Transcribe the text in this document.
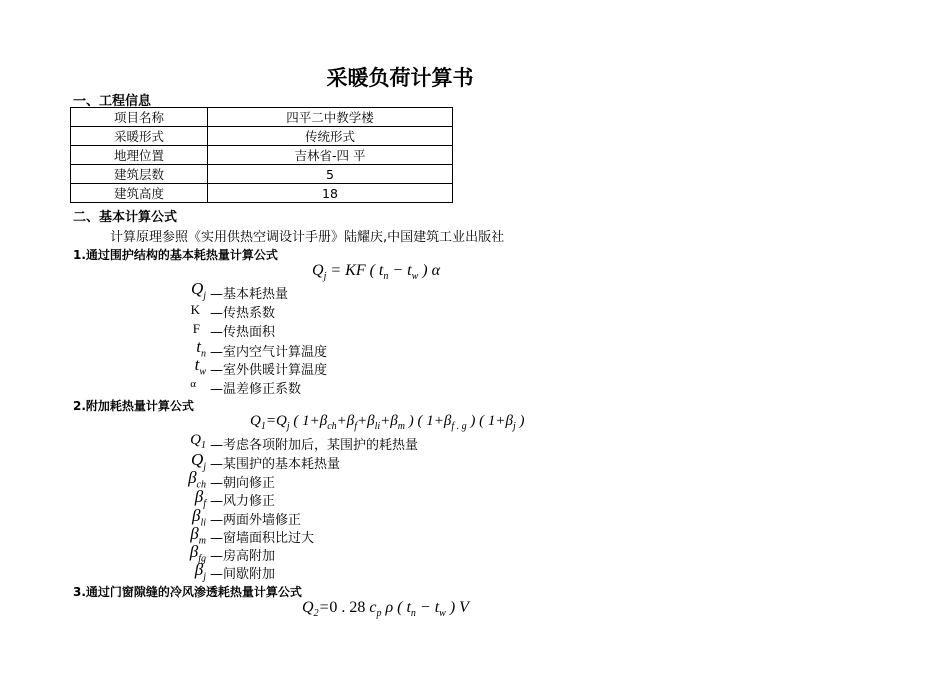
采暖负荷计算书
一、工程信息
项目名称	四平二中教学楼
采暖形式	传统形式
地理位置	吉林省-四 平
建筑层数	5
建筑高度	18
二、基本计算公式
计算原理参照《实用供热空调设计手册》陆耀庆,中国建筑工业出版社
1.通过围护结构的基本耗热量计算公式
$Q_j$ = KF ( $t_n - t_w$ ) α
$Q_j$ —基本耗热量
K —传热系数
F —传热面积
$t_n$ —室内空气计算温度
$t_w$ —室外供暖计算温度
α —温差修正系数
2.附加耗热量计算公式
$Q_1=Q_j$ ( $1+\beta_{ch}+\beta_f+\beta_{li}+\beta_m$ ) ( $1+\beta_{f . g}$ ) ( $1+\beta_j$ )
$Q_1$ —考虑各项附加后，某围护的耗热量
$Q_j$ —某围护的基本耗热量
$\beta_{ch}$ —朝向修正
$\beta_f$ —风力修正
$\beta_{li}$ —两面外墙修正
$\beta_m$ —窗墙面积比过大
$\beta_{fg}$ —房高附加
$\beta_j$ —间歇附加
3.通过门窗隙缝的冷风渗透耗热量计算公式
$Q_2=0$ . 28 $c_p$ ρ ( $t_n - t_w$ ) V
